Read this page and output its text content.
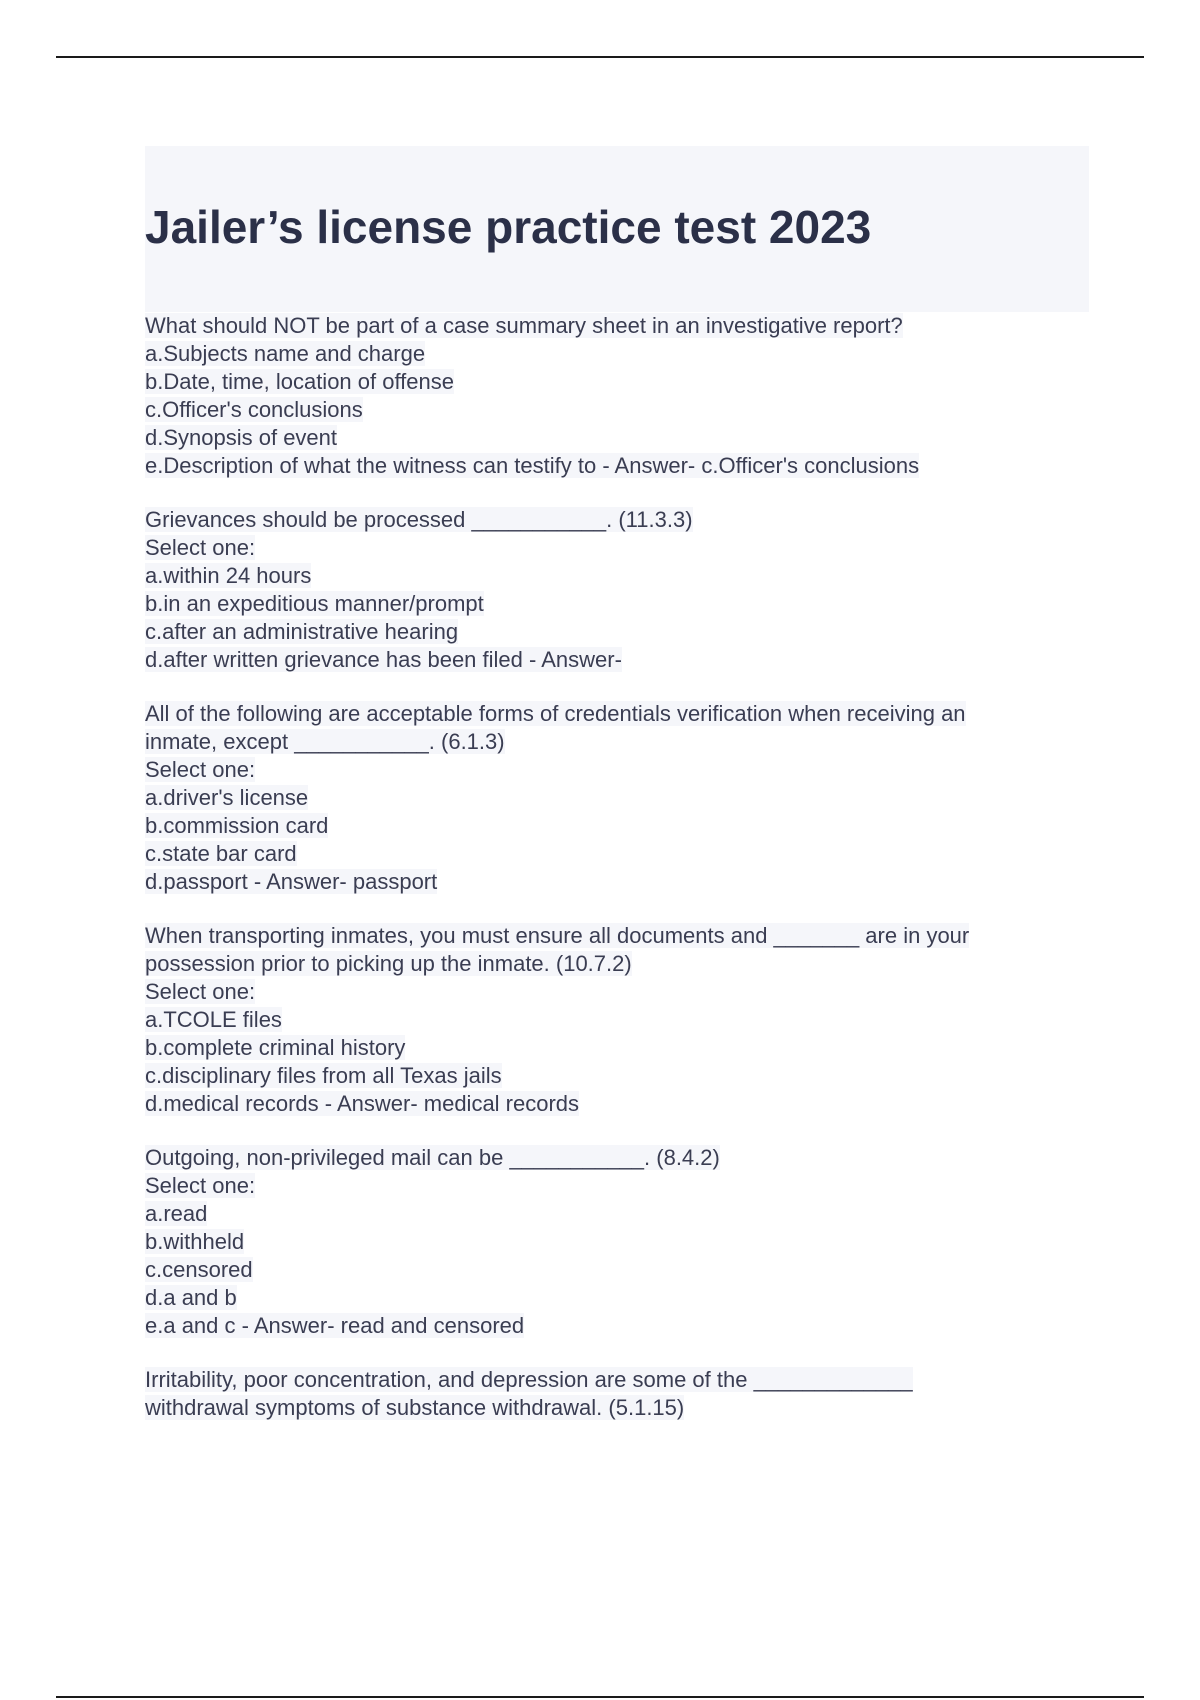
Jailer’s license practice test 2023
What should NOT be part of a case summary sheet in an investigative report?
a.Subjects name and charge
b.Date, time, location of offense
c.Officer's conclusions
d.Synopsis of event
e.Description of what the witness can testify to - Answer- c.Officer's conclusions
Grievances should be processed ___________. (11.3.3)
Select one:
a.within 24 hours
b.in an expeditious manner/prompt
c.after an administrative hearing
d.after written grievance has been filed - Answer-
All of the following are acceptable forms of credentials verification when receiving an
inmate, except ___________. (6.1.3)
Select one:
a.driver's license
b.commission card
c.state bar card
d.passport - Answer- passport
When transporting inmates, you must ensure all documents and _______ are in your
possession prior to picking up the inmate. (10.7.2)
Select one:
a.TCOLE files
b.complete criminal history
c.disciplinary files from all Texas jails
d.medical records - Answer- medical records
Outgoing, non-privileged mail can be ___________. (8.4.2)
Select one:
a.read
b.withheld
c.censored
d.a and b
e.a and c - Answer- read and censored
Irritability, poor concentration, and depression are some of the _____________
withdrawal symptoms of substance withdrawal. (5.1.15)
